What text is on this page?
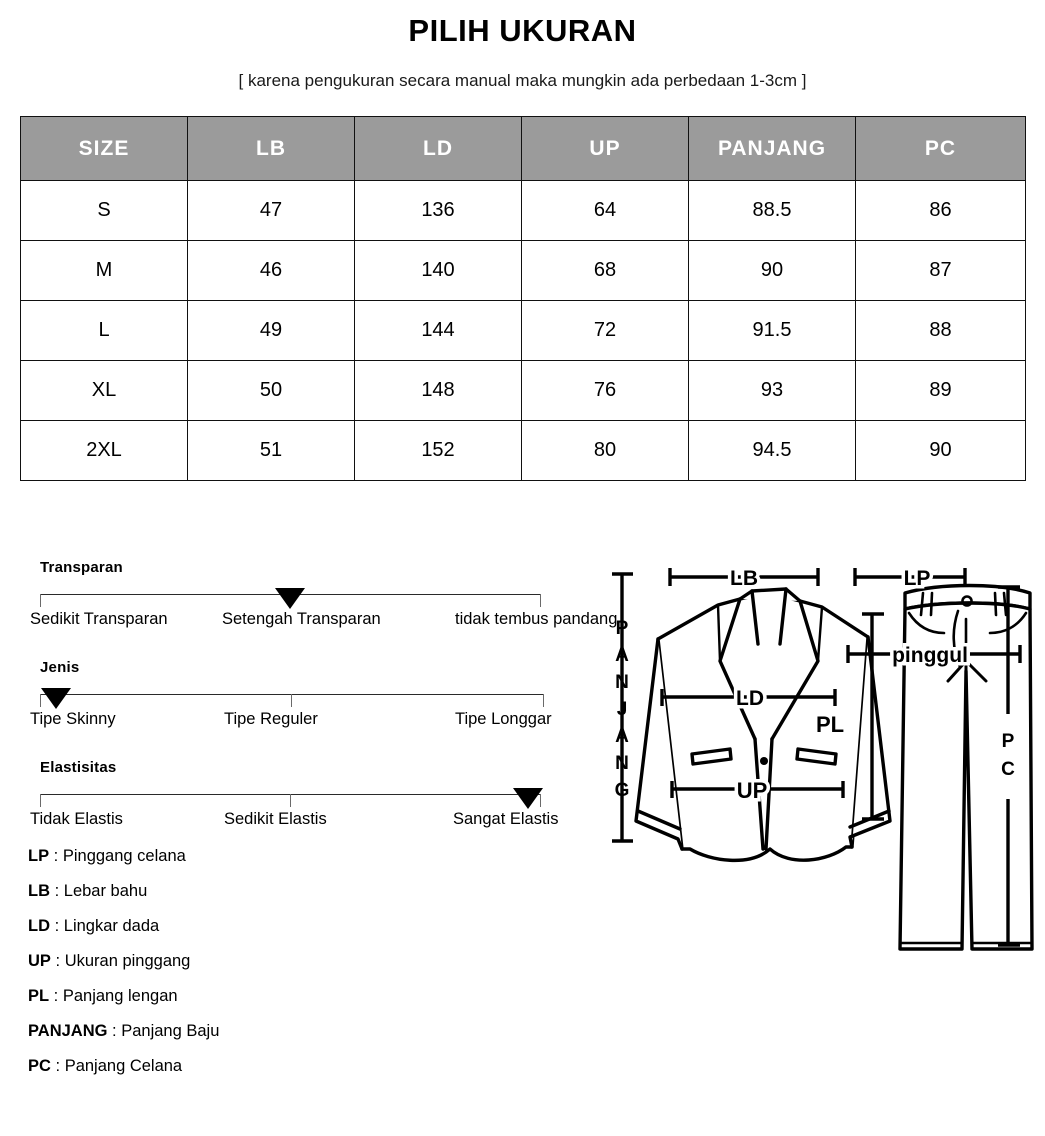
PILIH UKURAN
[ karena pengukuran secara manual maka mungkin ada perbedaan 1-3cm ]
SIZE	LB	LD	UP	PANJANG	PC
S	47	136	64	88.5	86
M	46	140	68	90	87
L	49	144	72	91.5	88
XL	50	148	76	93	89
2XL	51	152	80	94.5	90
Transparan
Sedikit Transparan	Setengah Transparan	tidak tembus pandang
Jenis
Tipe Skinny	Tipe Reguler	Tipe Longgar
Elastisitas
Tidak Elastis	Sedikit Elastis	Sangat Elastis
LP : Pinggang celana
LB : Lebar bahu
LD : Lingkar dada
UP : Ukuran pinggang
PL : Panjang lengan
PANJANG : Panjang Baju
PC : Panjang Celana
LB
LD
UP
PL
P
A
N
J
A
N
G
LP
pinggul
P
C
